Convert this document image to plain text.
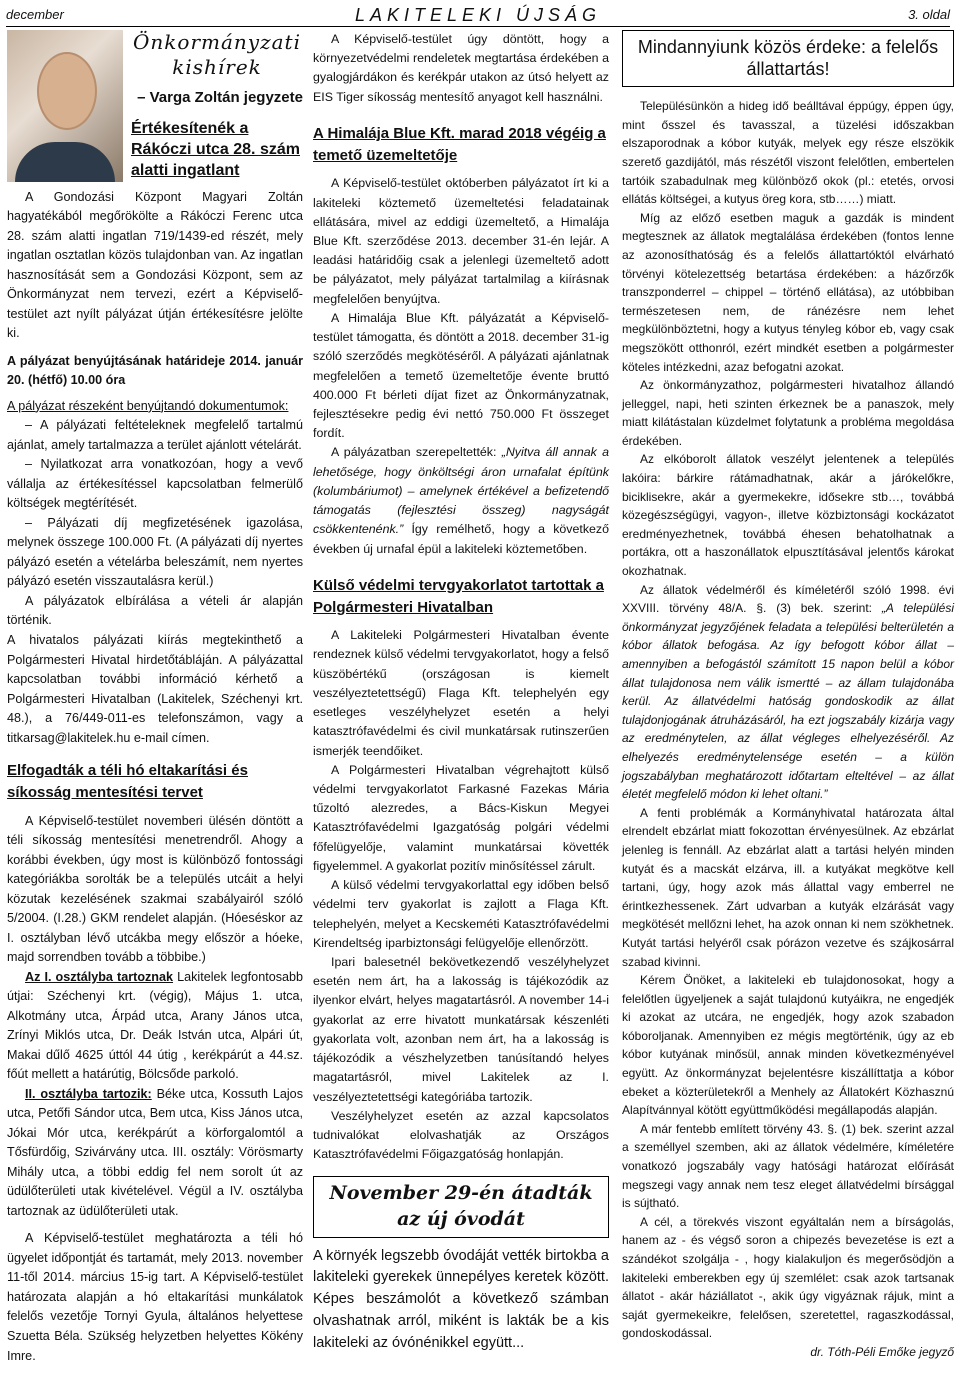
december	LAKITELEKI ÚJSÁG	3. oldal
Önkormányzati
kishírek
– Varga Zoltán jegyzete
Értékesítenék a Rákóczi utca 28. szám alatti ingatlant

A Gondozási Központ Magyari Zoltán hagyatékából megőrökölte a Rákóczi Ferenc utca 28. szám alatti ingatlan 719/1439-ed részét, mely ingatlan osztatlan közös tulajdonban van. Az ingatlan hasznosítását sem a Gondozási Központ, sem az Önkormányzat nem tervezi, ezért a Képviselő-testület azt nyílt pályázat útján értékesítésre jelölte ki.

A pályázat benyújtásának határideje 2014. január 20. (hétfő) 10.00 óra

A pályázat részeként benyújtandó dokumentumok:

– A pályázati feltételeknek megfelelő tartalmú ajánlat, amely tartalmazza a terület ajánlott vételárát.

– Nyilatkozat arra vonatkozóan, hogy a vevő vállalja az értékesítéssel kapcsolatban felmerülő költségek megtérítését.

– Pályázati díj megfizetésének igazolása, melynek összege 100.000 Ft. (A pályázati díj nyertes pályázó esetén a vételárba beleszámít, nem nyertes pályázó esetén visszautalásra kerül.)

A pályázatok elbírálása a vételi ár alapján történik.

A hivatalos pályázati kiírás megtekinthető a Polgármesteri Hivatal hirdetőtábláján. A pályázattal kapcsolatban további információ kérhető a Polgármesteri Hivatalban (Lakitelek, Széchenyi krt. 48.), a 76/449-011-es telefonszámon, vagy a titkarsag@lakitelek.hu e-mail címen.

Elfogadták a téli hó eltakarítási és síkosság mentesítési tervet

A Képviselő-testület novemberi ülésén döntött a téli síkosság mentesítési menetrendről. Ahogy a korábbi években, úgy most is különböző fontossági kategóriákba sorolták be a település utcáit a helyi közutak kezelésének szakmai szabályairól szóló 5/2004. (I.28.) GKM rendelet alapján. (Hóeséskor az I. osztályban lévő utcákba megy először a hóeke, majd sorrendben tovább a többibe.)

Az I. osztályba tartoznak Lakitelek legfontosabb útjai: Széchenyi krt. (végig), Május 1. utca, Alkotmány utca, Árpád utca, Arany János utca, Zrínyi Miklós utca, Dr. Deák István utca, Alpári út, Makai dűlő 4625 úttól 44 útig , kerékpárút a 44.sz. főút mellett a határútig, Bölcsőde parkoló.

II. osztályba tartozik: Béke utca, Kossuth Lajos utca, Petőfi Sándor utca, Bem utca, Kiss János utca, Jókai Mór utca, kerékpárút a körforgalomtól a Tősfürdőig, Szivárvány utca. III. osztály: Vörösmarty Mihály utca, a többi eddig fel nem sorolt út az üdülőterületi utak kivételével. Végül a IV. osztályba tartoznak az üdülőterületi utak.

A Képviselő-testület meghatározta a téli hó ügyelet időpontját és tartamát, mely 2013. november 11-től 2014. március 15-ig tart. A Képviselő-testület határozata alapján a hó eltakarítási munkálatok felelős vezetője Tornyi Gyula, általános helyettese Szuetta Béla. Szükség helyzetben helyettes Kökény Imre.

A Képviselő-testület úgy döntött, hogy a környezetvédelmi rendeletek megtartása érdekében a gyalogjárdákon és kerékpár utakon az útsó helyett az EIS Tiger síkosság mentesítő anyagot kell használni.

A Himalája Blue Kft. marad 2018 végéig a temető üzemeltetője

A Képviselő-testület októberben pályázatot írt ki a lakiteleki köztemető üzemeltetési feladatainak ellátására, mivel az eddigi üzemeltető, a Himalája Blue Kft. szerződése 2013. december 31-én lejár. A leadási határidőig csak a jelenlegi üzemeltető adott be pályázatot, mely pályázat tartalmilag a kiírásnak megfelelően benyújtva.

A Himalája Blue Kft. pályázatát a Képviselő-testület támogatta, és döntött a 2018. december 31-ig szóló szerződés megkötéséről. A pályázati ajánlatnak megfelelően a temető üzemeltetője évente bruttó 400.000 Ft bérleti díjat fizet az Önkormányzatnak, fejlesztésekre pedig évi nettó 750.000 Ft összeget fordít.

A pályázatban szerepeltették: „Nyitva áll annak a lehetősége, hogy önköltségi áron urnafalat építünk (kolumbáriumot) – amelynek értékével a befizetendő támogatás (fejlesztési összeg) nagyságát csökkentenénk.” Így remélhető, hogy a következő években új urnafal épül a lakiteleki köztemetőben.

Külső védelmi tervgyakorlatot tartottak a Polgármesteri Hivatalban

A Lakiteleki Polgármesteri Hivatalban évente rendeznek külső védelmi tervgyakorlatot, hogy a felső küszöbértékű (országosan is kiemelt veszélyeztetettségű) Flaga Kft. telephelyén egy esetleges veszélyhelyzet esetén a helyi katasztrófavédelmi és civil munkatársak rutinszerűen ismerjék teendőiket.

A Polgármesteri Hivatalban végrehajtott külső védelmi tervgyakorlatot Farkasné Fazekas Mária tűzoltó alezredes, a Bács-Kiskun Megyei Katasztrófavédelmi Igazgatóság polgári védelmi főfelügyelője, valamint munkatársai követték figyelemmel. A gyakorlat pozitív minősítéssel zárult.

A külső védelmi tervgyakorlattal egy időben belső védelmi terv gyakorlat is zajlott a Flaga Kft. telephelyén, melyet a Kecskeméti Katasztrófavédelmi Kirendeltség iparbiztonsági felügyelője ellenőrzött.

Ipari balesetnél bekövetkezendő veszélyhelyzet esetén nem árt, ha a lakosság is tájékozódik az ilyenkor elvárt, helyes magatartásról. A november 14-i gyakorlat az erre hivatott munkatársak készenléti gyakorlata volt, azonban nem árt, ha a lakosság is tájékozódik a vészhelyzetben tanúsítandó helyes magatartásról, mivel Lakitelek az I. veszélyeztetettségi kategóriába tartozik.

Veszélyhelyzet esetén az azzal kapcsolatos tudnivalókat elolvashatják az Országos Katasztrófavédelmi Főigazgatóság honlapján.

November 29-én átadták az új óvodát

A környék legszebb óvodáját vették birtokba a lakiteleki gyerekek ünnepélyes keretek között. Képes beszámolót a következő számban olvashatnak arról, miként is lakták be a kis lakiteleki az óvónénikkel együtt...

Mindannyiunk közös érdeke: a felelős állattartás!

Településünkön a hideg idő beálltával éppúgy, éppen úgy, mint ősszel és tavasszal, a tüzelési időszakban elszaporodnak a kóbor kutyák, melyek egy része elszökik szerető gazdijától, más részétől viszont felelőtlen, embertelen tartóik szabadulnak meg különböző okok (pl.: etetés, orvosi ellátás költségei, a kutyus öreg kora, stb……) miatt.

Míg az előző esetben maguk a gazdák is mindent megtesznek az állatok megtalálása érdekében (fontos lenne az azonosíthatóság és a felelős állattartóktól elvárható törvényi kötelezettség betartása érdekében: a házőrzők transzponderrel – chippel – történő ellátása), az utóbbiban természetesen nem, de ránézésre nem lehet megkülönböztetni, hogy a kutyus tényleg kóbor eb, vagy csak megszökött otthonról, ezért mindkét esetben a polgármester köteles intézkedni, azaz befogatni azokat.

Az önkormányzathoz, polgármesteri hivatalhoz állandó jelleggel, napi, heti szinten érkeznek be a panaszok, mely miatt kilátástalan küzdelmet folytatunk a probléma megoldása érdekében.

Az elkóborolt állatok veszélyt jelentenek a település lakóira: bárkire rátámadhatnak, akár a járókelőkre, biciklisekre, akár a gyermekekre, idősekre stb…, továbbá közegészségügyi, vagyon-, illetve közbiztonsági kockázatot eredményezhetnek, továbbá éhesen behatolhatnak a portákra, ott a haszonállatok elpusztításával jelentős károkat okozhatnak.

Az állatok védelméről és kíméletéről szóló 1998. évi XXVIII. törvény 48/A. §. (3) bek. szerint: „A települési önkormányzat jegyzőjének feladata a települési belterületén a kóbor állatok befogása. Az így befogott kóbor állat – amennyiben a befogástól számított 15 napon belül a kóbor állat tulajdonosa nem válik ismertté – az állam tulajdonába kerül. Az állatvédelmi hatóság gondoskodik az állat tulajdonjogának átruházásáról, ha ezt jogszabály kizárja vagy az eredménytelen, az állat végleges elhelyezéséről. Az elhelyezés eredménytelensége esetén – a külön jogszabályban meghatározott időtartam elteltével – az állat életét megfelelő módon ki lehet oltani.”

A fenti problémák a Kormányhivatal határozata által elrendelt ebzárlat miatt fokozottan érvényesülnek. Az ebzárlat jelenleg is fennáll. Az ebzárlat alatt a tartási helyén minden kutyát és a macskát elzárva, ill. a kutyákat megkötve kell tartani, úgy, hogy azok más állattal vagy emberrel ne érintkezhessenek. Zárt udvarban a kutyák elzárását vagy megkötését mellőzni lehet, ha azok onnan ki nem szökhetnek. Kutyát tartási helyéről csak pórázon vezetve és szájkosárral szabad kivinni.

Kérem Önöket, a lakiteleki eb tulajdonosokat, hogy a felelőtlen ügyeljenek a saját tulajdonú kutyáikra, ne engedjék ki azokat az utcára, ne engedjék, hogy azok szabadon kóboroljanak. Amennyiben ez mégis megtörténik, úgy az eb kóbor kutyának minősül, annak minden következményével együtt. Az önkormányzat bejelentésre kiszállíttatja a kóbor ebeket a közterületekről a Menhely az Állatokért Közhasznú Alapítvánnyal kötött együttműködési megállapodás alapján.

A már fentebb említett törvény 43. §. (1) bek. szerint azzal a személlyel szemben, aki az állatok védelmére, kíméletére vonatkozó jogszabály vagy hatósági határozat előírását megszegi vagy annak nem tesz eleget állatvédelmi bírsággal is sújtható.

A cél, a törekvés viszont egyáltalán nem a bírságolás, hanem az - és végső soron a chipezés bevezetése is ezt a szándékot szolgálja - , hogy kialakuljon és megerősödjön a lakiteleki emberekben egy új szemlélet: csak azok tartsanak állatot - akár háziállatot -, akik úgy vigyáznak rájuk, mint a saját gyermekeikre, felelősen, szeretettel, ragaszkodással, gondoskodással.

dr. Tóth-Péli Emőke jegyző
